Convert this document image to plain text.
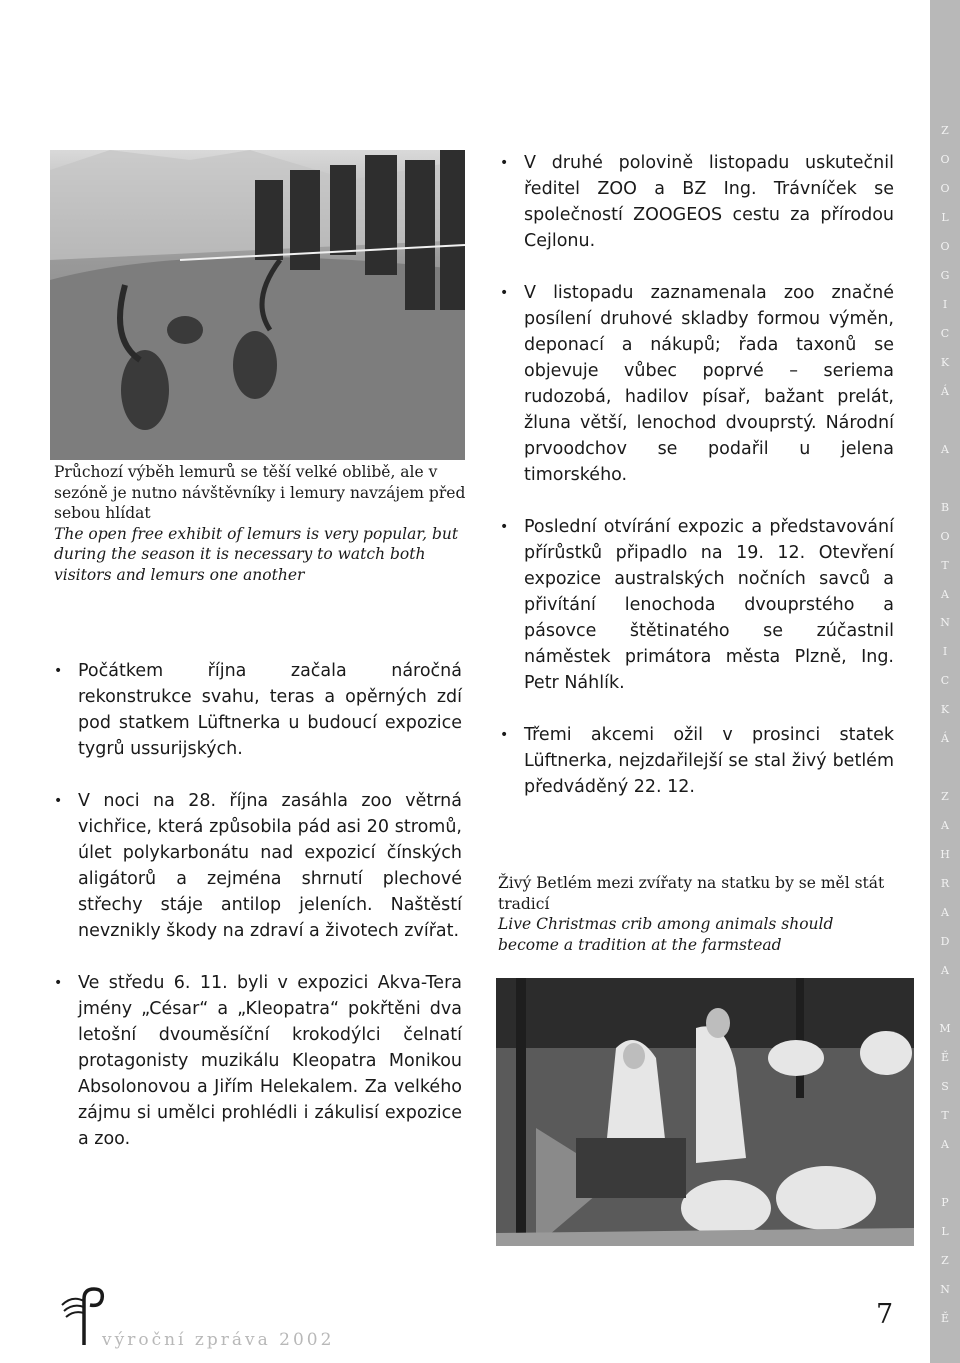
Z
O
O
L
O
G
I
C
K
Á
A
B
O
T
A
N
I
C
K
Á
Z
A
H
R
A
D
A
M
Ě
S
T
A
P
L
Z
N
Ě
Průchozí výběh lemurů se těší velké oblibě, ale v sezóně je nutno návštěvníky i lemury navzájem před sebou hlídat
The open free exhibit of lemurs is very popular, but during the season it is necessary to watch both visitors and lemurs one another
• Počátkem října začala náročná rekonstrukce svahu, teras a opěrných zdí pod statkem Lüftnerka u budoucí expozice tygrů ussurijských.
• V noci na 28. října zasáhla zoo větrná vichřice, která způsobila pád asi 20 stromů, úlet polykarbonátu nad expozicí čínských aligátorů a zejména shrnutí plechové střechy stáje antilop jeleních. Naštěstí nevznikly škody na zdraví a životech zvířat.
• Ve středu 6. 11. byli v expozici Akva-Tera jmény „César“ a „Kleopatra“ pokřtěni dva letošní dvouměsíční krokodýlci čelnatí protagonisty muzikálu Kleopatra Monikou Absolonovou a Jiřím Helekalem. Za velkého zájmu si umělci prohlédli i zákulisí expozice a zoo.
• V druhé polovině listopadu uskutečnil ředitel ZOO a BZ Ing. Trávníček se společností ZOOGEOS cestu za přírodou Cejlonu.
• V listopadu zaznamenala zoo značné posílení druhové skladby formou výměn, deponací a nákupů; řada taxonů se objevuje vůbec poprvé – seriema rudozobá, hadilov písař, bažant prelát, žluna větší, lenochod dvouprstý. Národní prvoodchov se podařil u jelena timorského.
• Poslední otvírání expozic a představování přírůstků připadlo na 19. 12. Otevření expozice australských nočních savců a přivítání lenochoda dvouprstého a pásovce štětinatého se zúčastnil náměstek primátora města Plzně, Ing. Petr Náhlík.
• Třemi akcemi ožil v prosinci statek Lüftnerka, nejzdařilejší se stal živý betlém předváděný 22. 12.
Živý Betlém mezi zvířaty na statku by se měl stát tradicí
Live Christmas crib among animals should become a tradition at the farmstead
výroční zpráva 2002
7
